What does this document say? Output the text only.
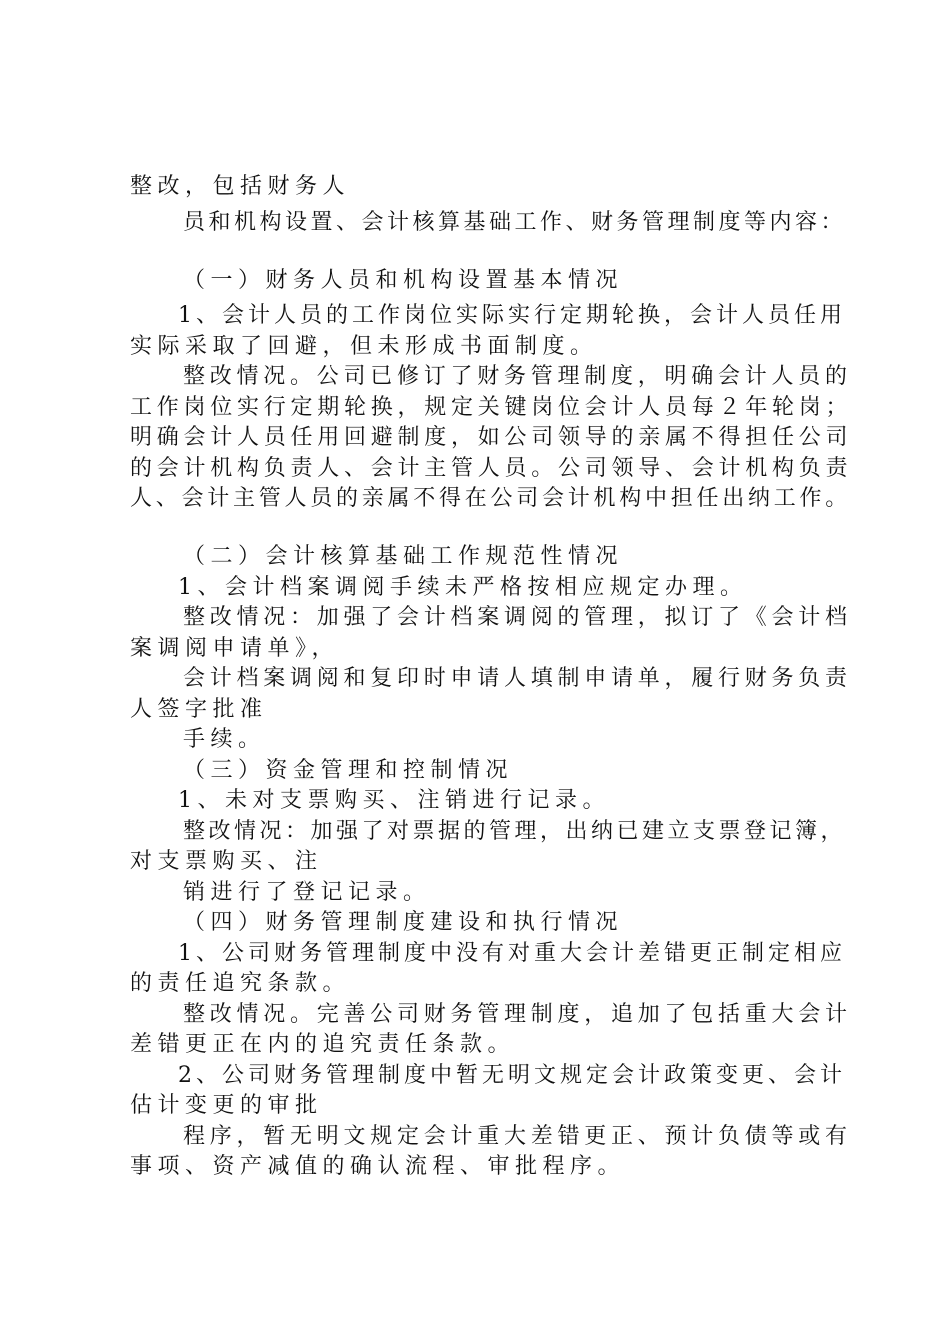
整改，包括财务人

员和机构设置、会计核算基础工作、财务管理制度等内容：

（一）财务人员和机构设置基本情况

1、会计人员的工作岗位实际实行定期轮换，会计人员任用

实际采取了回避，但未形成书面制度。

整改情况。公司已修订了财务管理制度，明确会计人员的

工作岗位实行定期轮换，规定关键岗位会计人员每２年轮岗；

明确会计人员任用回避制度，如公司领导的亲属不得担任公司

的会计机构负责人、会计主管人员。公司领导、会计机构负责

人、会计主管人员的亲属不得在公司会计机构中担任出纳工作。

（二）会计核算基础工作规范性情况

1、会计档案调阅手续未严格按相应规定办理。

整改情况：加强了会计档案调阅的管理，拟订了《会计档

案调阅申请单》，

会计档案调阅和复印时申请人填制申请单，履行财务负责

人签字批准

手续。

（三）资金管理和控制情况

1、未对支票购买、注销进行记录。

整改情况：加强了对票据的管理，出纳已建立支票登记簿，

对支票购买、注

销进行了登记记录。

（四）财务管理制度建设和执行情况

1、公司财务管理制度中没有对重大会计差错更正制定相应

的责任追究条款。

整改情况。完善公司财务管理制度，追加了包括重大会计

差错更正在内的追究责任条款。

2、公司财务管理制度中暂无明文规定会计政策变更、会计

估计变更的审批

程序，暂无明文规定会计重大差错更正、预计负债等或有

事项、资产减值的确认流程、审批程序。
